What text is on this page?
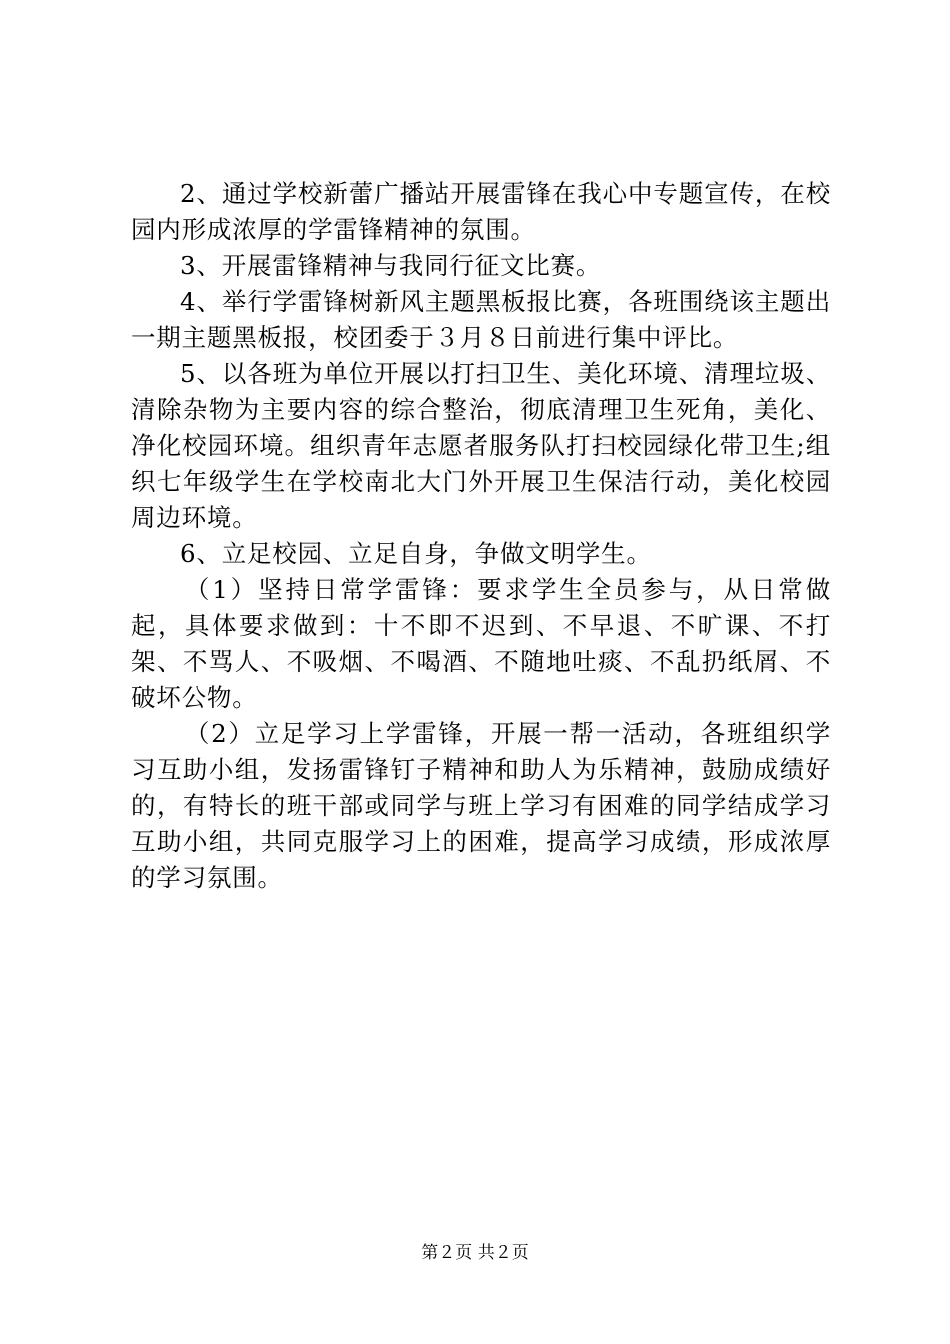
2、通过学校新蕾广播站开展雷锋在我心中专题宣传，在校园内形成浓厚的学雷锋精神的氛围。

3、开展雷锋精神与我同行征文比赛。

4、举行学雷锋树新风主题黑板报比赛，各班围绕该主题出一期主题黑板报，校团委于３月８日前进行集中评比。

5、以各班为单位开展以打扫卫生、美化环境、清理垃圾、清除杂物为主要内容的综合整治，彻底清理卫生死角，美化、净化校园环境。组织青年志愿者服务队打扫校园绿化带卫生;组织七年级学生在学校南北大门外开展卫生保洁行动，美化校园周边环境。

6、立足校园、立足自身，争做文明学生。

（1）坚持日常学雷锋：要求学生全员参与，从日常做起，具体要求做到：十不即不迟到、不早退、不旷课、不打架、不骂人、不吸烟、不喝酒、不随地吐痰、不乱扔纸屑、不破坏公物。

（2）立足学习上学雷锋，开展一帮一活动，各班组织学习互助小组，发扬雷锋钉子精神和助人为乐精神，鼓励成绩好的，有特长的班干部或同学与班上学习有困难的同学结成学习互助小组，共同克服学习上的困难，提高学习成绩，形成浓厚的学习氛围。

第２页 共２页
